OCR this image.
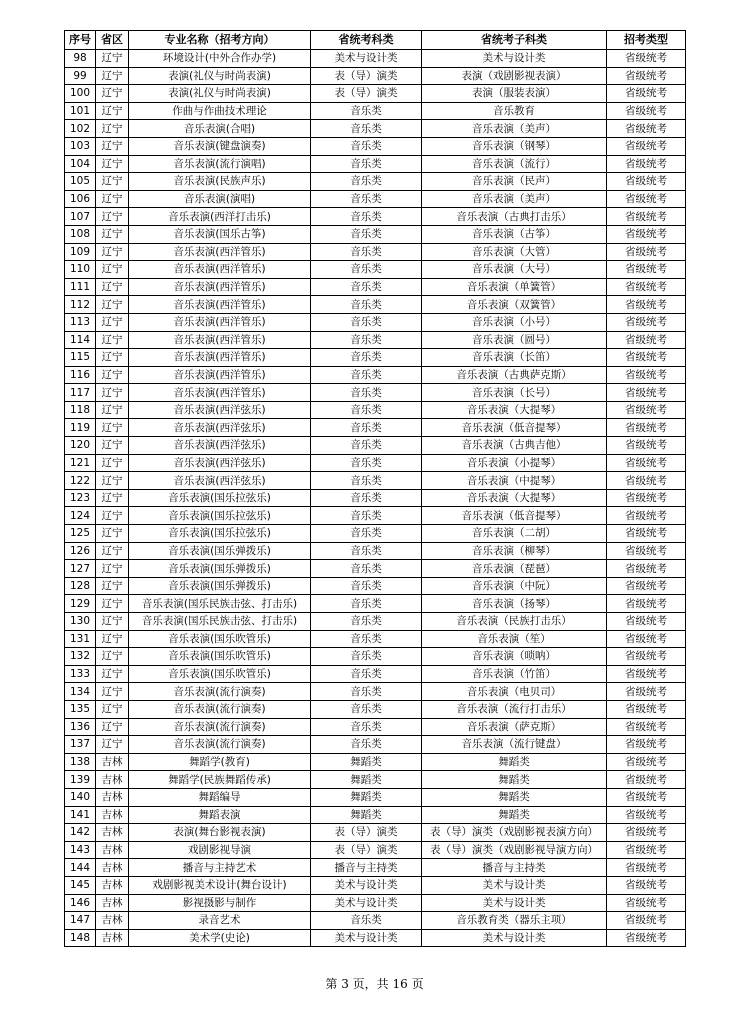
序号	省区	专业名称（招考方向）	省统考科类	省统考子科类	招考类型
98	辽宁	环境设计(中外合作办学)	美术与设计类	美术与设计类	省级统考
99	辽宁	表演(礼仪与时尚表演)	表（导）演类	表演（戏剧影视表演）	省级统考
100	辽宁	表演(礼仪与时尚表演)	表（导）演类	表演（服装表演）	省级统考
101	辽宁	作曲与作曲技术理论	音乐类	音乐教育	省级统考
102	辽宁	音乐表演(合唱)	音乐类	音乐表演（美声）	省级统考
103	辽宁	音乐表演(键盘演奏)	音乐类	音乐表演（钢琴）	省级统考
104	辽宁	音乐表演(流行演唱)	音乐类	音乐表演（流行）	省级统考
105	辽宁	音乐表演(民族声乐)	音乐类	音乐表演（民声）	省级统考
106	辽宁	音乐表演(演唱)	音乐类	音乐表演（美声）	省级统考
107	辽宁	音乐表演(西洋打击乐)	音乐类	音乐表演（古典打击乐）	省级统考
108	辽宁	音乐表演(国乐古筝)	音乐类	音乐表演（古筝）	省级统考
109	辽宁	音乐表演(西洋管乐)	音乐类	音乐表演（大管）	省级统考
110	辽宁	音乐表演(西洋管乐)	音乐类	音乐表演（大号）	省级统考
111	辽宁	音乐表演(西洋管乐)	音乐类	音乐表演（单簧管）	省级统考
112	辽宁	音乐表演(西洋管乐)	音乐类	音乐表演（双簧管）	省级统考
113	辽宁	音乐表演(西洋管乐)	音乐类	音乐表演（小号）	省级统考
114	辽宁	音乐表演(西洋管乐)	音乐类	音乐表演（圆号）	省级统考
115	辽宁	音乐表演(西洋管乐)	音乐类	音乐表演（长笛）	省级统考
116	辽宁	音乐表演(西洋管乐)	音乐类	音乐表演（古典萨克斯）	省级统考
117	辽宁	音乐表演(西洋管乐)	音乐类	音乐表演（长号）	省级统考
118	辽宁	音乐表演(西洋弦乐)	音乐类	音乐表演（大提琴）	省级统考
119	辽宁	音乐表演(西洋弦乐)	音乐类	音乐表演（低音提琴）	省级统考
120	辽宁	音乐表演(西洋弦乐)	音乐类	音乐表演（古典吉他）	省级统考
121	辽宁	音乐表演(西洋弦乐)	音乐类	音乐表演（小提琴）	省级统考
122	辽宁	音乐表演(西洋弦乐)	音乐类	音乐表演（中提琴）	省级统考
123	辽宁	音乐表演(国乐拉弦乐)	音乐类	音乐表演（大提琴）	省级统考
124	辽宁	音乐表演(国乐拉弦乐)	音乐类	音乐表演（低音提琴）	省级统考
125	辽宁	音乐表演(国乐拉弦乐)	音乐类	音乐表演（二胡）	省级统考
126	辽宁	音乐表演(国乐弹拨乐)	音乐类	音乐表演（柳琴）	省级统考
127	辽宁	音乐表演(国乐弹拨乐)	音乐类	音乐表演（琵琶）	省级统考
128	辽宁	音乐表演(国乐弹拨乐)	音乐类	音乐表演（中阮）	省级统考
129	辽宁	音乐表演(国乐民族击弦、打击乐)	音乐类	音乐表演（扬琴）	省级统考
130	辽宁	音乐表演(国乐民族击弦、打击乐)	音乐类	音乐表演（民族打击乐）	省级统考
131	辽宁	音乐表演(国乐吹管乐)	音乐类	音乐表演（笙）	省级统考
132	辽宁	音乐表演(国乐吹管乐)	音乐类	音乐表演（唢呐）	省级统考
133	辽宁	音乐表演(国乐吹管乐)	音乐类	音乐表演（竹笛）	省级统考
134	辽宁	音乐表演(流行演奏)	音乐类	音乐表演（电贝司）	省级统考
135	辽宁	音乐表演(流行演奏)	音乐类	音乐表演（流行打击乐）	省级统考
136	辽宁	音乐表演(流行演奏)	音乐类	音乐表演（萨克斯）	省级统考
137	辽宁	音乐表演(流行演奏)	音乐类	音乐表演（流行键盘）	省级统考
138	吉林	舞蹈学(教育)	舞蹈类	舞蹈类	省级统考
139	吉林	舞蹈学(民族舞蹈传承)	舞蹈类	舞蹈类	省级统考
140	吉林	舞蹈编导	舞蹈类	舞蹈类	省级统考
141	吉林	舞蹈表演	舞蹈类	舞蹈类	省级统考
142	吉林	表演(舞台影视表演)	表（导）演类	表（导）演类（戏剧影视表演方向）	省级统考
143	吉林	戏剧影视导演	表（导）演类	表（导）演类（戏剧影视导演方向）	省级统考
144	吉林	播音与主持艺术	播音与主持类	播音与主持类	省级统考
145	吉林	戏剧影视美术设计(舞台设计)	美术与设计类	美术与设计类	省级统考
146	吉林	影视摄影与制作	美术与设计类	美术与设计类	省级统考
147	吉林	录音艺术	音乐类	音乐教育类（器乐主项）	省级统考
148	吉林	美术学(史论)	美术与设计类	美术与设计类	省级统考
第 3 页，共 16 页
